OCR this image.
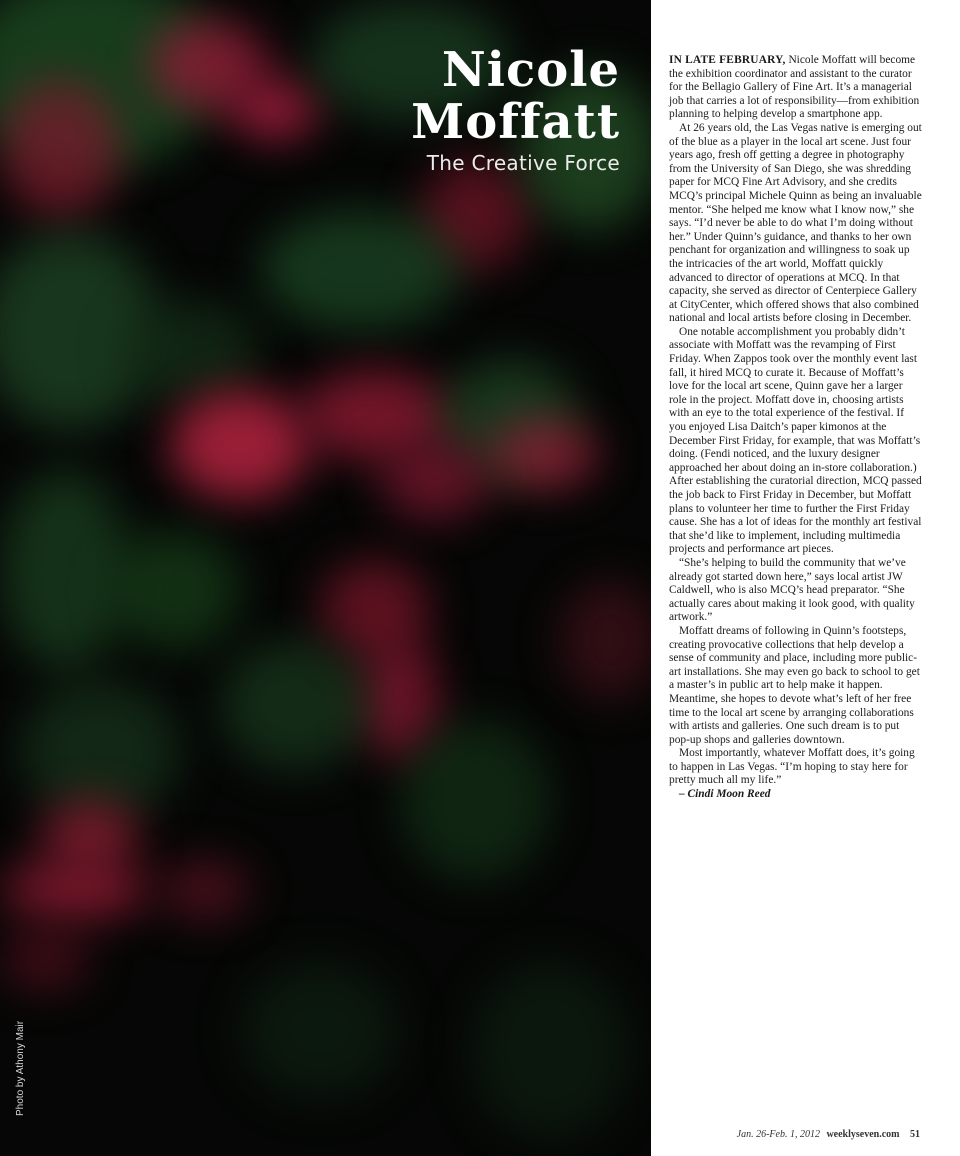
Photo by Athony Mair
Nicole
Moffatt
The Creative Force

IN LATE FEBRUARY, Nicole Moffatt will become the exhibition coordinator and assistant to the curator for the Bellagio Gallery of Fine Art. It’s a managerial job that carries a lot of responsibility—from exhibition planning to helping develop a smartphone app.

At 26 years old, the Las Vegas native is emerging out of the blue as a player in the local art scene. Just four years ago, fresh off getting a degree in photography from the University of San Diego, she was shredding paper for MCQ Fine Art Advisory, and she credits MCQ’s principal Michele Quinn as being an invaluable mentor. “She helped me know what I know now,” she says. “I’d never be able to do what I’m doing without her.” Under Quinn’s guidance, and thanks to her own penchant for organization and willingness to soak up the intricacies of the art world, Moffatt quickly advanced to director of operations at MCQ. In that capacity, she served as director of Centerpiece Gallery at CityCenter, which offered shows that also combined national and local artists before closing in December.

One notable accomplishment you probably didn’t associate with Moffatt was the revamping of First Friday. When Zappos took over the monthly event last fall, it hired MCQ to curate it. Because of Moffatt’s love for the local art scene, Quinn gave her a larger role in the project. Moffatt dove in, choosing artists with an eye to the total experience of the festival. If you enjoyed Lisa Daitch’s paper kimonos at the December First Friday, for example, that was Moffatt’s doing. (Fendi noticed, and the luxury designer approached her about doing an in-store collaboration.) After establishing the curatorial direction, MCQ passed the job back to First Friday in December, but Moffatt plans to volunteer her time to further the First Friday cause. She has a lot of ideas for the monthly art festival that she’d like to implement, including multimedia projects and performance art pieces.

“She’s helping to build the community that we’ve already got started down here,” says local artist JW Caldwell, who is also MCQ’s head preparator. “She actually cares about making it look good, with quality artwork.”

Moffatt dreams of following in Quinn’s footsteps, creating provocative collections that help develop a sense of community and place, including more public-art installations. She may even go back to school to get a master’s in public art to help make it happen. Meantime, she hopes to devote what’s left of her free time to the local art scene by arranging collaborations with artists and galleries. One such dream is to put pop-up shops and galleries downtown.

Most importantly, whatever Moffatt does, it’s going to happen in Las Vegas. “I’m hoping to stay here for pretty much all my life.”

– Cindi Moon Reed

Jan. 26-Feb. 1, 2012 weeklyseven.com 51
